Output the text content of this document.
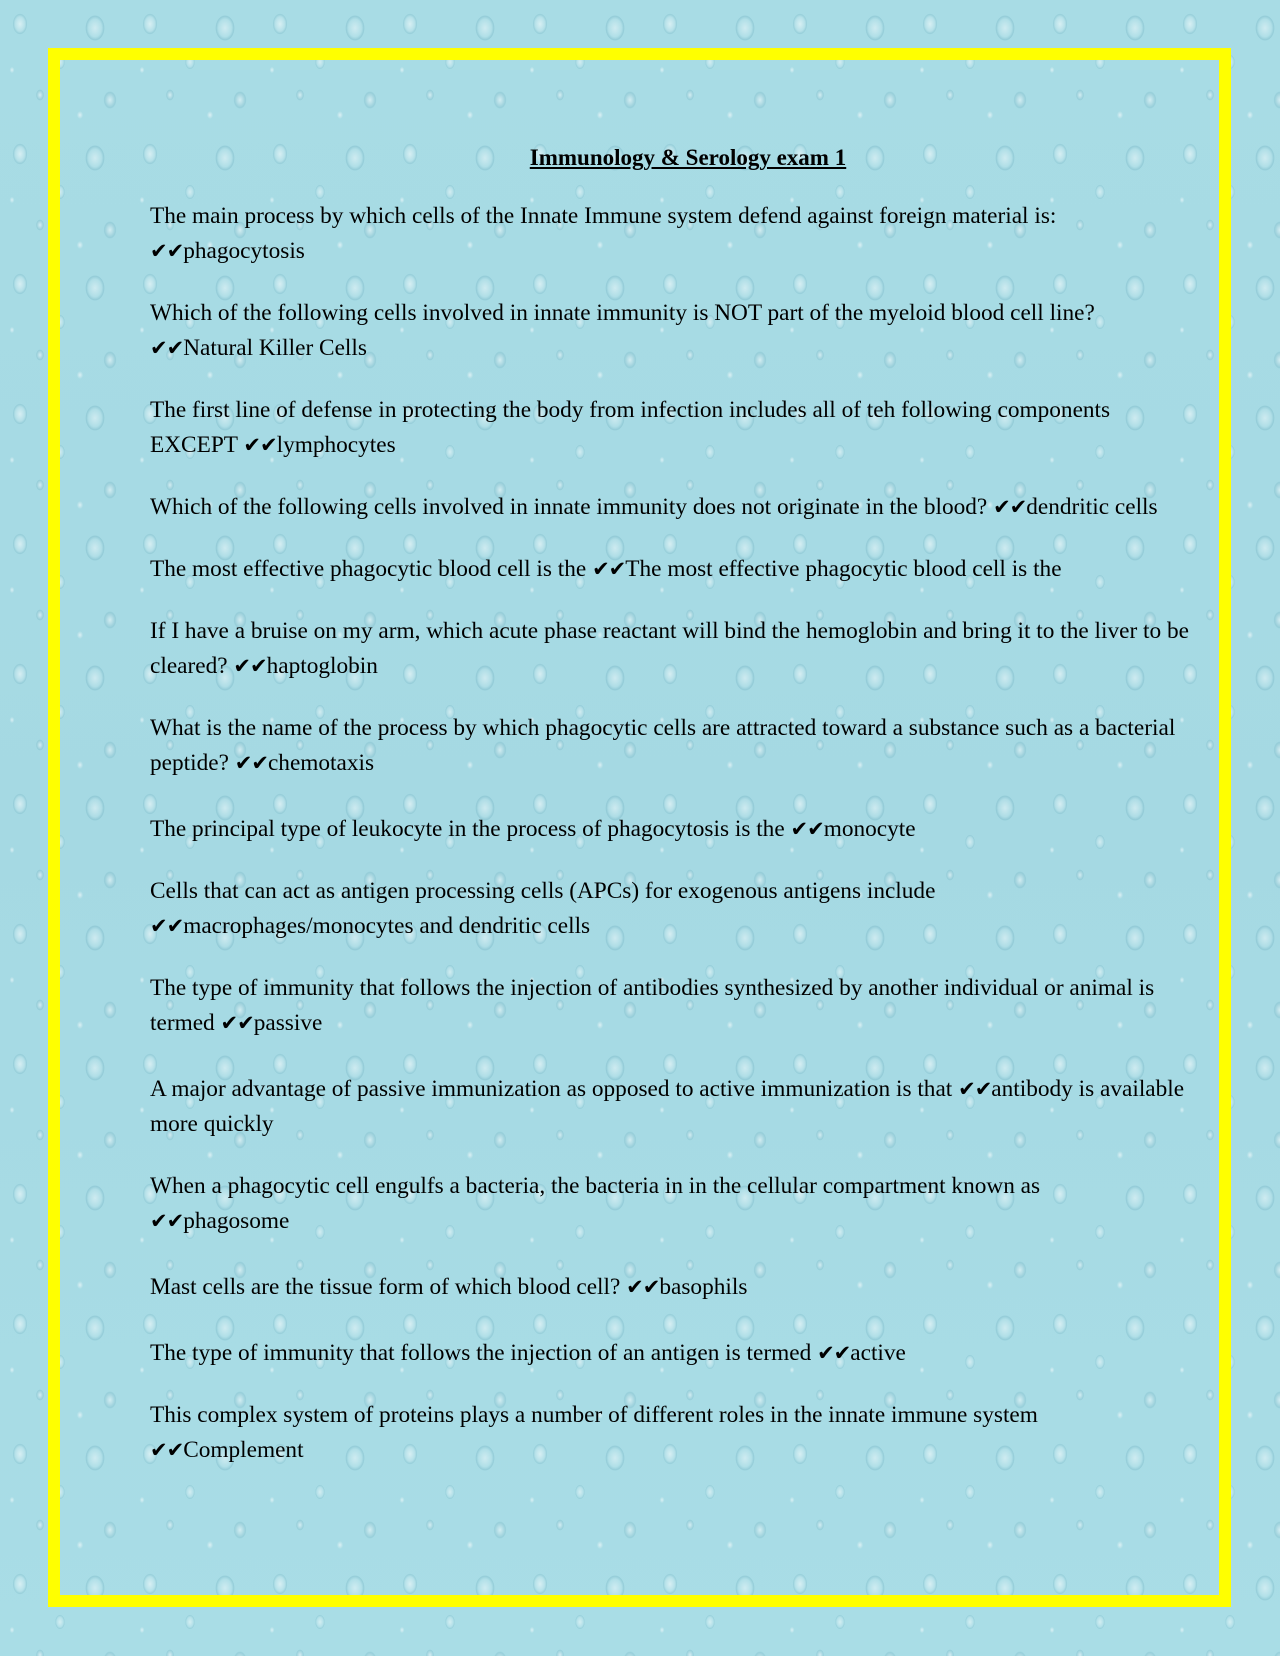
Immunology & Serology exam 1
The main process by which cells of the Innate Immune system defend against foreign material is:
✔✔phagocytosis
Which of the following cells involved in innate immunity is NOT part of the myeloid blood cell line?
✔✔Natural Killer Cells
The first line of defense in protecting the body from infection includes all of teh following components EXCEPT ✔✔lymphocytes
Which of the following cells involved in innate immunity does not originate in the blood? ✔✔dendritic cells
The most effective phagocytic blood cell is the ✔✔The most effective phagocytic blood cell is the
If I have a bruise on my arm, which acute phase reactant will bind the hemoglobin and bring it to the liver to be cleared? ✔✔haptoglobin
What is the name of the process by which phagocytic cells are attracted toward a substance such as a bacterial peptide? ✔✔chemotaxis
The principal type of leukocyte in the process of phagocytosis is the ✔✔monocyte
Cells that can act as antigen processing cells (APCs) for exogenous antigens include
✔✔macrophages/monocytes and dendritic cells
The type of immunity that follows the injection of antibodies synthesized by another individual or animal is termed ✔✔passive
A major advantage of passive immunization as opposed to active immunization is that ✔✔antibody is available more quickly
When a phagocytic cell engulfs a bacteria, the bacteria in in the cellular compartment known as
✔✔phagosome
Mast cells are the tissue form of which blood cell? ✔✔basophils
The type of immunity that follows the injection of an antigen is termed ✔✔active
This complex system of proteins plays a number of different roles in the innate immune system
✔✔Complement
